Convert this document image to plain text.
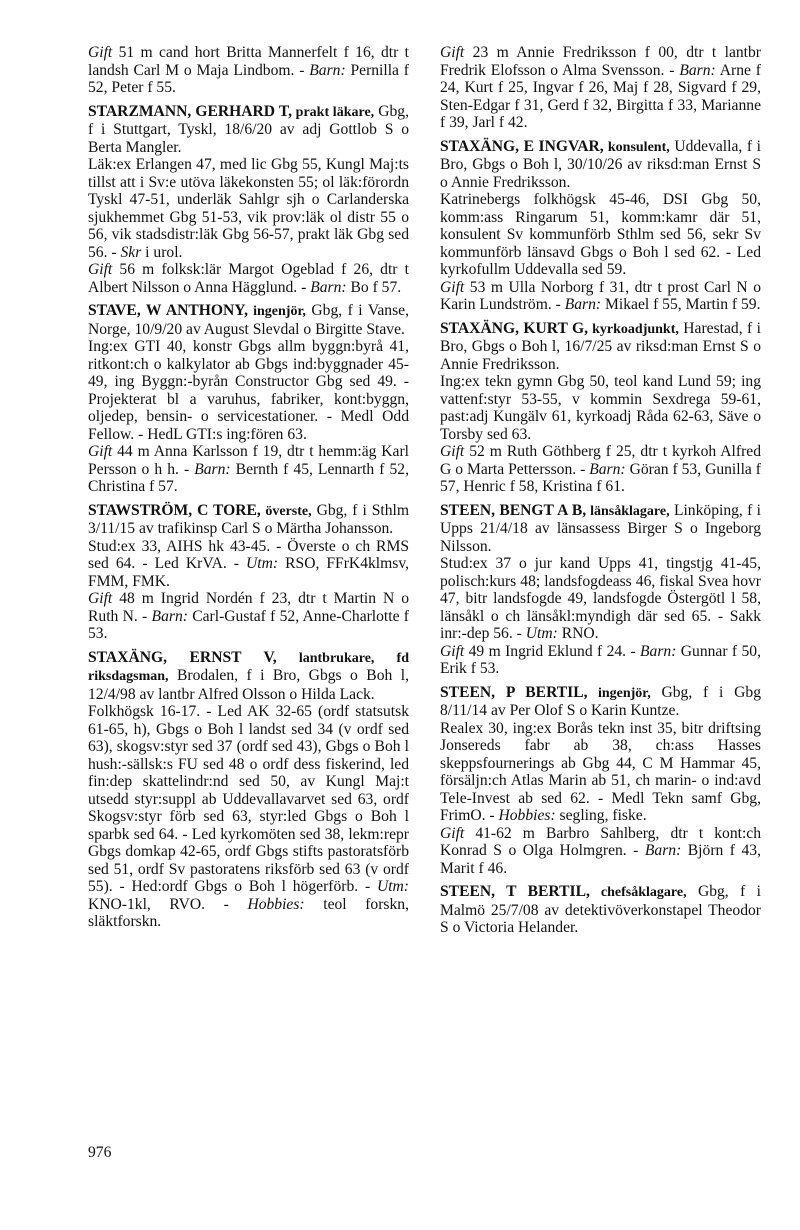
Gift 51 m cand hort Britta Mannerfelt f 16, dtr t landsh Carl M o Maja Lindbom. - Barn: Pernilla f 52, Peter f 55.

STARZMANN, GERHARD T, prakt läkare, Gbg, f i Stuttgart, Tyskl, 18/6/20 av adj Gottlob S o Berta Mangler.

Läk:ex Erlangen 47, med lic Gbg 55, Kungl Maj:ts tillst att i Sv:e utöva läkekonsten 55; ol läk:förordn Tyskl 47-51, underläk Sahlgr sjh o Carlanderska sjukhemmet Gbg 51-53, vik prov:läk ol distr 55 o 56, vik stadsdistr:läk Gbg 56-57, prakt läk Gbg sed 56. - Skr i urol.

Gift 56 m folksk:lär Margot Ogeblad f 26, dtr t Albert Nilsson o Anna Hägglund. - Barn: Bo f 57.

STAVE, W ANTHONY, ingenjör, Gbg, f i Vanse, Norge, 10/9/20 av August Slevdal o Birgitte Stave.

Ing:ex GTI 40, konstr Gbgs allm byggn:byrå 41, ritkont:ch o kalkylator ab Gbgs ind:byggnader 45-49, ing Byggn:-byrån Constructor Gbg sed 49. - Projekterat bl a varuhus, fabriker, kont:byggn, oljedep, bensin- o servicestationer. - Medl Odd Fellow. - HedL GTI:s ing:fören 63.

Gift 44 m Anna Karlsson f 19, dtr t hemm:äg Karl Persson o h h. - Barn: Bernth f 45, Lennarth f 52, Christina f 57.

STAWSTRÖM, C TORE, överste, Gbg, f i Sthlm 3/11/15 av trafikinsp Carl S o Märtha Johansson.

Stud:ex 33, AIHS hk 43-45. - Överste o ch RMS sed 64. - Led KrVA. - Utm: RSO, FFrK4klmsv, FMM, FMK.

Gift 48 m Ingrid Nordén f 23, dtr t Martin N o Ruth N. - Barn: Carl-Gustaf f 52, Anne-Charlotte f 53.

STAXÄNG, ERNST V, lantbrukare, fd riksdagsman, Brodalen, f i Bro, Gbgs o Boh l, 12/4/98 av lantbr Alfred Olsson o Hilda Lack.

Folkhögsk 16-17. - Led AK 32-65 (ordf statsutsk 61-65, h), Gbgs o Boh l landst sed 34 (v ordf sed 63), skogsv:styr sed 37 (ordf sed 43), Gbgs o Boh l hush:-sällsk:s FU sed 48 o ordf dess fiskerind, led fin:dep skattelindr:nd sed 50, av Kungl Maj:t utsedd styr:suppl ab Uddevallavarvet sed 63, ordf Skogsv:styr förb sed 63, styr:led Gbgs o Boh l sparbk sed 64. - Led kyrkomöten sed 38, lekm:repr Gbgs domkap 42-65, ordf Gbgs stifts pastoratsförb sed 51, ordf Sv pastoratens riksförb sed 63 (v ordf 55). - Hed:ordf Gbgs o Boh l högerförb. - Utm: KNO-1kl, RVO. - Hobbies: teol forskn, släktforskn.

Gift 23 m Annie Fredriksson f 00, dtr t lantbr Fredrik Elofsson o Alma Svensson. - Barn: Arne f 24, Kurt f 25, Ingvar f 26, Maj f 28, Sigvard f 29, Sten-Edgar f 31, Gerd f 32, Birgitta f 33, Marianne f 39, Jarl f 42.

STAXÄNG, E INGVAR, konsulent, Uddevalla, f i Bro, Gbgs o Boh l, 30/10/26 av riksd:man Ernst S o Annie Fredriksson.

Katrinebergs folkhögsk 45-46, DSI Gbg 50, komm:ass Ringarum 51, komm:kamr där 51, konsulent Sv kommunförb Sthlm sed 56, sekr Sv kommunförb länsavd Gbgs o Boh l sed 62. - Led kyrkofullm Uddevalla sed 59.

Gift 53 m Ulla Norborg f 31, dtr t prost Carl N o Karin Lundström. - Barn: Mikael f 55, Martin f 59.

STAXÄNG, KURT G, kyrkoadjunkt, Harestad, f i Bro, Gbgs o Boh l, 16/7/25 av riksd:man Ernst S o Annie Fredriksson.

Ing:ex tekn gymn Gbg 50, teol kand Lund 59; ing vattenf:styr 53-55, v kommin Sexdrega 59-61, past:adj Kungälv 61, kyrkoadj Råda 62-63, Säve o Torsby sed 63.

Gift 52 m Ruth Göthberg f 25, dtr t kyrkoh Alfred G o Marta Pettersson. - Barn: Göran f 53, Gunilla f 57, Henric f 58, Kristina f 61.

STEEN, BENGT A B, länsåklagare, Linköping, f i Upps 21/4/18 av länsassess Birger S o Ingeborg Nilsson.

Stud:ex 37 o jur kand Upps 41, tingstjg 41-45, polisch:kurs 48; landsfogdeass 46, fiskal Svea hovr 47, bitr landsfogde 49, landsfogde Östergötl l 58, länsåkl o ch länsåkl:myndigh där sed 65. - Sakk inr:-dep 56. - Utm: RNO.

Gift 49 m Ingrid Eklund f 24. - Barn: Gunnar f 50, Erik f 53.

STEEN, P BERTIL, ingenjör, Gbg, f i Gbg 8/11/14 av Per Olof S o Karin Kuntze.

Realex 30, ing:ex Borås tekn inst 35, bitr driftsing Jonsereds fabr ab 38, ch:ass Hasses skeppsfournerings ab Gbg 44, C M Hammar 45, försäljn:ch Atlas Marin ab 51, ch marin- o ind:avd Tele-Invest ab sed 62. - Medl Tekn samf Gbg, FrimO. - Hobbies: segling, fiske.

Gift 41-62 m Barbro Sahlberg, dtr t kont:ch Konrad S o Olga Holmgren. - Barn: Björn f 43, Marit f 46.

STEEN, T BERTIL, chefsåklagare, Gbg, f i Malmö 25/7/08 av detektivöverkonstapel Theodor S o Victoria Helander.

976
